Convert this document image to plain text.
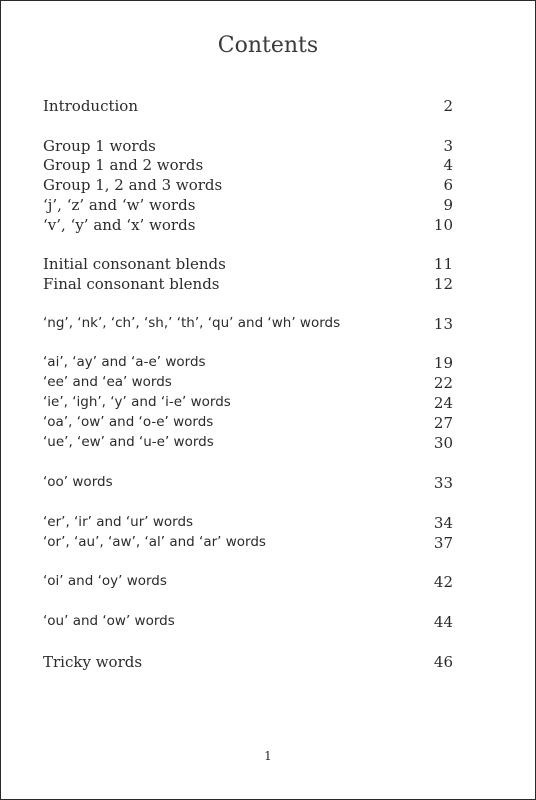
Contents
Introduction	2
Group 1 words	3
Group 1 and 2 words	4
Group 1, 2 and 3 words	6
‘j’, ‘z’ and ‘w’ words	9
‘v’, ‘y’ and ‘x’ words	10
Initial consonant blends	11
Final consonant blends	12
‘ng’, ‘nk’, ‘ch’, ‘sh,’ ‘th’, ‘qu’ and ‘wh’ words	13
‘ai’, ‘ay’ and ‘a-e’ words	19
‘ee’ and ‘ea’ words	22
‘ie’, ‘igh’, ‘y’ and ‘i-e’ words	24
‘oa’, ‘ow’ and ‘o-e’ words	27
‘ue’, ‘ew’ and ‘u-e’ words	30
‘oo’ words	33
‘er’, ‘ir’ and ‘ur’ words	34
‘or’, ‘au’, ‘aw’, ‘al’ and ‘ar’ words	37
‘oi’ and ‘oy’ words	42
‘ou’ and ‘ow’ words	44
Tricky words	46
1
